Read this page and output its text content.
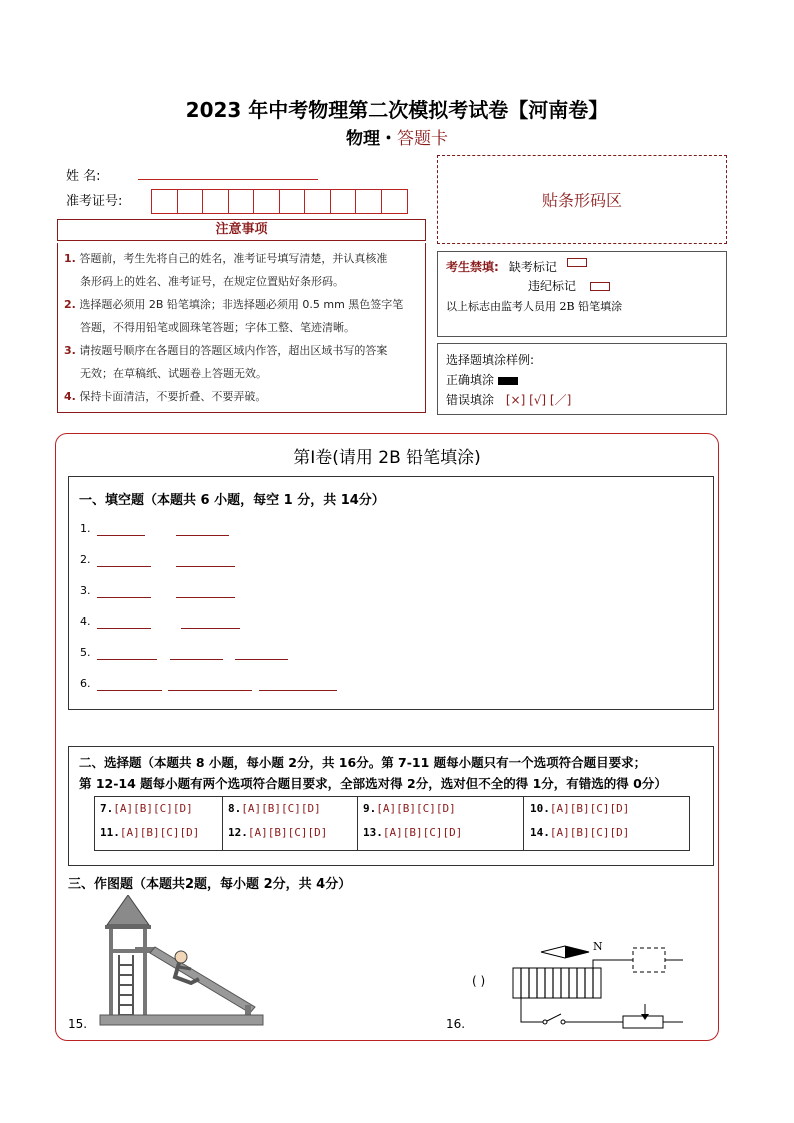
2023 年中考物理第二次模拟考试卷【河南卷】
物理・答题卡
姓 名:
准考证号:	贴条形码区
注意事项

1. 答题前，考生先将自己的姓名，准考证号填写清楚，并认真核准

条形码上的姓名、准考证号，在规定位置贴好条形码。

2. 选择题必须用 2B 铅笔填涂；非选择题必须用 0.5 mm 黑色签字笔

答题，不得用铅笔或圆珠笔答题；字体工整、笔迹清晰。

3. 请按题号顺序在各题目的答题区域内作答，超出区域书写的答案

无效；在草稿纸、试题卷上答题无效。

4. 保持卡面清洁，不要折叠、不要弄破。

考生禁填: 缺考标记
违纪标记
以上标志由监考人员用 2B 铅笔填涂
选择题填涂样例:
正确填涂
错误填涂 [×] [√] [／]
第Ⅰ卷(请用 2B 铅笔填涂)
一、填空题（本题共 6 小题，每空 1 分，共 14分）
1.
2.
3.
4.
5.
6.
二、选择题（本题共 8 小题，每小题 2分，共 16分。第 7-11 题每小题只有一个选项符合题目要求；
第 12-14 题每小题有两个选项符合题目要求，全部选对得 2分，选对但不全的得 1分，有错选的得 0分）
7.[A][B][C][D]
11.[A][B][C][D]
8.[A][B][C][D]
12.[A][B][C][D]
9.[A][B][C][D]
13.[A][B][C][D]
10.[A][B][C][D]
14.[A][B][C][D]
三、作图题（本题共2题，每小题 2分，共 4分）
15.	16.
( )
N
